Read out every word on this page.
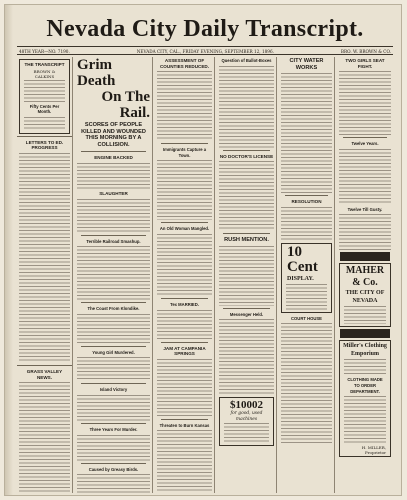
Nevada City Daily Transcript.
48TH YEAR—NO. 7190.	NEVADA CITY, CAL., FRIDAY EVENING, SEPTEMBER 12, 1896.	BRO. W. BROWN & CO.
THE TRANSCRIPT
BROWN & CALKINS
Fifty Cents Per Month.
LETTERS TO ED. PROGRESS
GRASS VALLEY NEWS.
Grim Death
On The Rail.
SCORES OF PEOPLE KILLED AND WOUNDED THIS MORNING BY A COLLISION.
ENGINE BACKED
SLAUGHTER
Terrible Railroad Smashup.
The Coast From Klondike.
Young Girl Murdered.
Island Victory
Three Years For Murder.
Caused by Greasy Birds.
ASSESSMENT OF COUNTIES REDUCED.
Immigrants Capture a Town.
An Old Woman Mangled.
Tex MARRIED.
JAM AT CAMPANIA SPRINGS
Threaten to Burn Kansas
Question of Ballot-Boxes
NO DOCTOR'S LICENSE
RUSH MENTION.
Messenger Held.
$10002
for good, used machines
CITY WATER WORKS
RESOLUTION
10 Cent
DISPLAY.
COURT HOUSE
TWO GIRLS SEAT FIGHT.
Twelve Years.
Twelve Till Gusty.
MAHER & Co.
THE CITY OF NEVADA
Miller's Clothing Emporium
CLOTHING MADE TO ORDER DEPARTMENT.
H. MILLER, Proprietor
